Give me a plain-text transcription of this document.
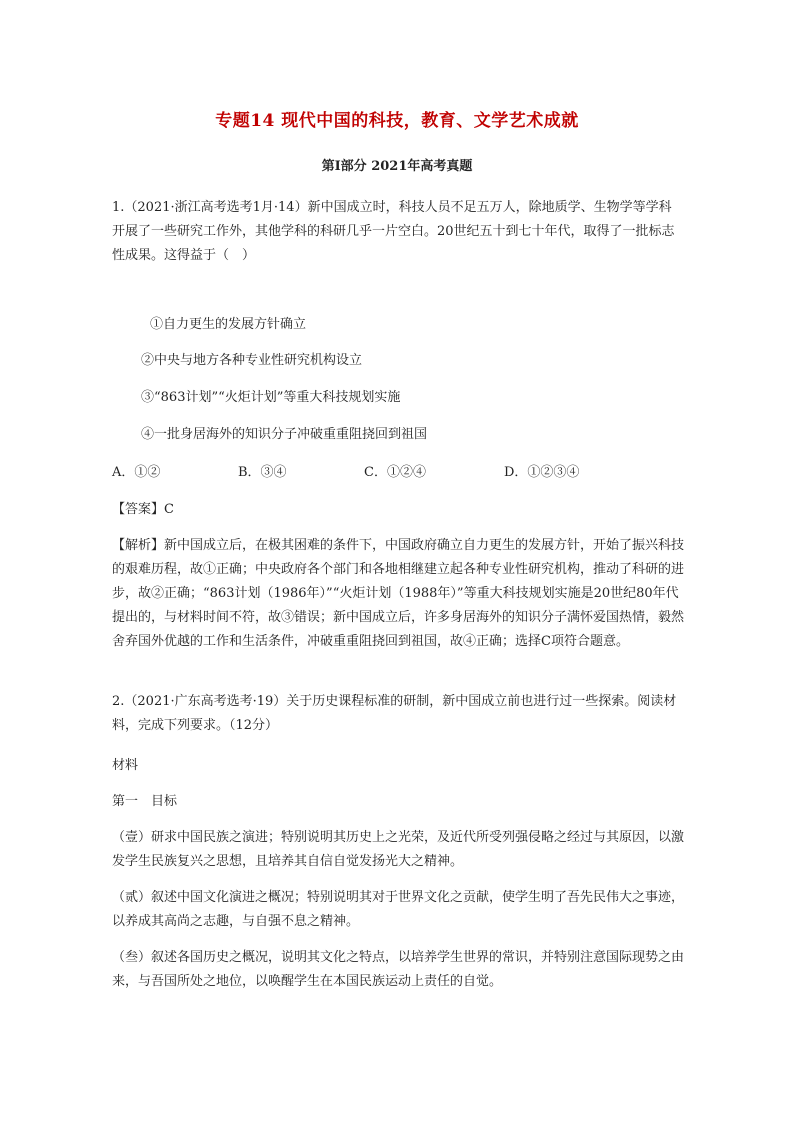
专题14 现代中国的科技，教育、文学艺术成就
第Ⅰ部分 2021年高考真题

1.（2021·浙江高考选考1月·14）新中国成立时，科技人员不足五万人，除地质学、生物学等学科开展了一些研究工作外，其他学科的科研几乎一片空白。20世纪五十到七十年代，取得了一批标志性成果。这得益于（　）

①自力更生的发展方针确立
②中央与地方各种专业性研究机构设立
③“863计划”“火炬计划”等重大科技规划实施
④一批身居海外的知识分子冲破重重阻挠回到祖国
A．①②	B．③④	C．①②④	D．①②③④

【答案】C

【解析】新中国成立后，在极其困难的条件下，中国政府确立自力更生的发展方针，开始了振兴科技的艰难历程，故①正确；中央政府各个部门和各地相继建立起各种专业性研究机构，推动了科研的进步，故②正确；“863计划（1986年）”“火炬计划（1988年）”等重大科技规划实施是20世纪80年代提出的，与材料时间不符，故③错误；新中国成立后，许多身居海外的知识分子满怀爱国热情，毅然舍弃国外优越的工作和生活条件，冲破重重阻挠回到祖国，故④正确；选择C项符合题意。

2.（2021·广东高考选考·19）关于历史课程标准的研制，新中国成立前也进行过一些探索。阅读材料，完成下列要求。（12分）

材料

第一　目标

（壹）研求中国民族之演进；特别说明其历史上之光荣，及近代所受列强侵略之经过与其原因，以激发学生民族复兴之思想，且培养其自信自觉发扬光大之精神。

（贰）叙述中国文化演进之概况；特别说明其对于世界文化之贡献，使学生明了吾先民伟大之事迹，以养成其高尚之志趣，与自强不息之精神。

（叁）叙述各国历史之概况，说明其文化之特点，以培养学生世界的常识，并特别注意国际现势之由来，与吾国所处之地位，以唤醒学生在本国民族运动上责任的自觉。
